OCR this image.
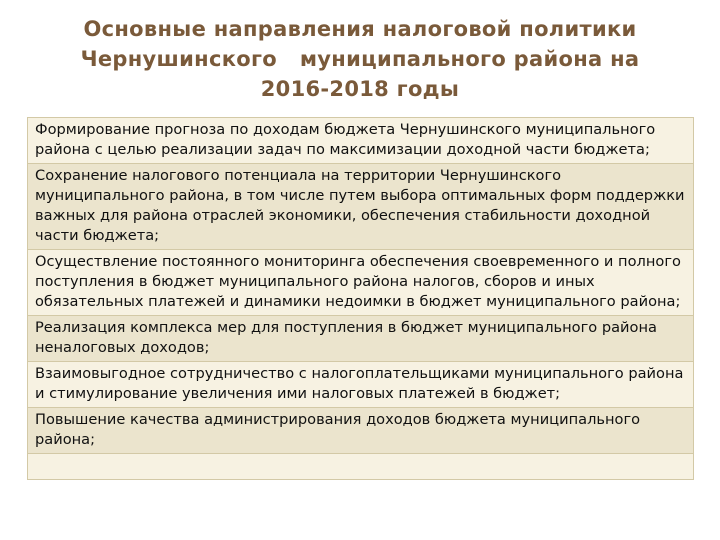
Основные направления налоговой политики
Чернушинского   муниципального района на
2016-2018 годы
Формирование прогноза по доходам бюджета Чернушинского муниципального района с целью реализации задач по максимизации доходной части бюджета;
Сохранение налогового потенциала на территории Чернушинского муниципального района, в том числе путем выбора оптимальных форм поддержки важных для района отраслей экономики, обеспечения стабильности доходной части бюджета;
Осуществление постоянного мониторинга обеспечения своевременного и полного поступления в бюджет муниципального района налогов, сборов и иных обязательных платежей и динамики недоимки в бюджет муниципального района;
Реализация комплекса мер для поступления в бюджет муниципального района неналоговых доходов;
Взаимовыгодное сотрудничество с налогоплательщиками муниципального района и стимулирование увеличения ими налоговых платежей в бюджет;
Повышение качества администрирования доходов бюджета муниципального района;
